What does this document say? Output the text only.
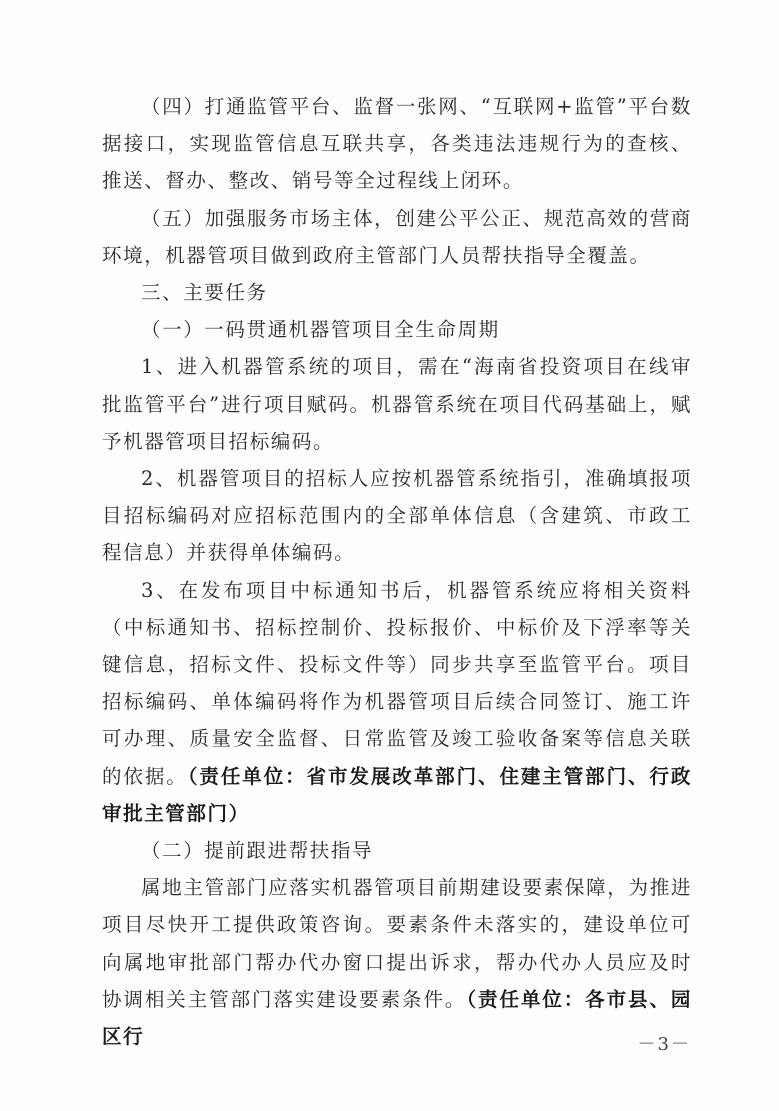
（四）打通监管平台、监督一张网、“互联网+监管”平台数据接口，实现监管信息互联共享，各类违法违规行为的查核、推送、督办、整改、销号等全过程线上闭环。

（五）加强服务市场主体，创建公平公正、规范高效的营商环境，机器管项目做到政府主管部门人员帮扶指导全覆盖。

三、主要任务

（一）一码贯通机器管项目全生命周期

1、进入机器管系统的项目，需在“海南省投资项目在线审批监管平台”进行项目赋码。机器管系统在项目代码基础上，赋予机器管项目招标编码。

2、机器管项目的招标人应按机器管系统指引，准确填报项目招标编码对应招标范围内的全部单体信息（含建筑、市政工程信息）并获得单体编码。

3、在发布项目中标通知书后，机器管系统应将相关资料（中标通知书、招标控制价、投标报价、中标价及下浮率等关键信息，招标文件、投标文件等）同步共享至监管平台。项目招标编码、单体编码将作为机器管项目后续合同签订、施工许可办理、质量安全监督、日常监管及竣工验收备案等信息关联的依据。（责任单位：省市发展改革部门、住建主管部门、行政审批主管部门）

（二）提前跟进帮扶指导

属地主管部门应落实机器管项目前期建设要素保障，为推进项目尽快开工提供政策咨询。要素条件未落实的，建设单位可向属地审批部门帮办代办窗口提出诉求，帮办代办人员应及时协调相关主管部门落实建设要素条件。（责任单位：各市县、园区行	－3－
